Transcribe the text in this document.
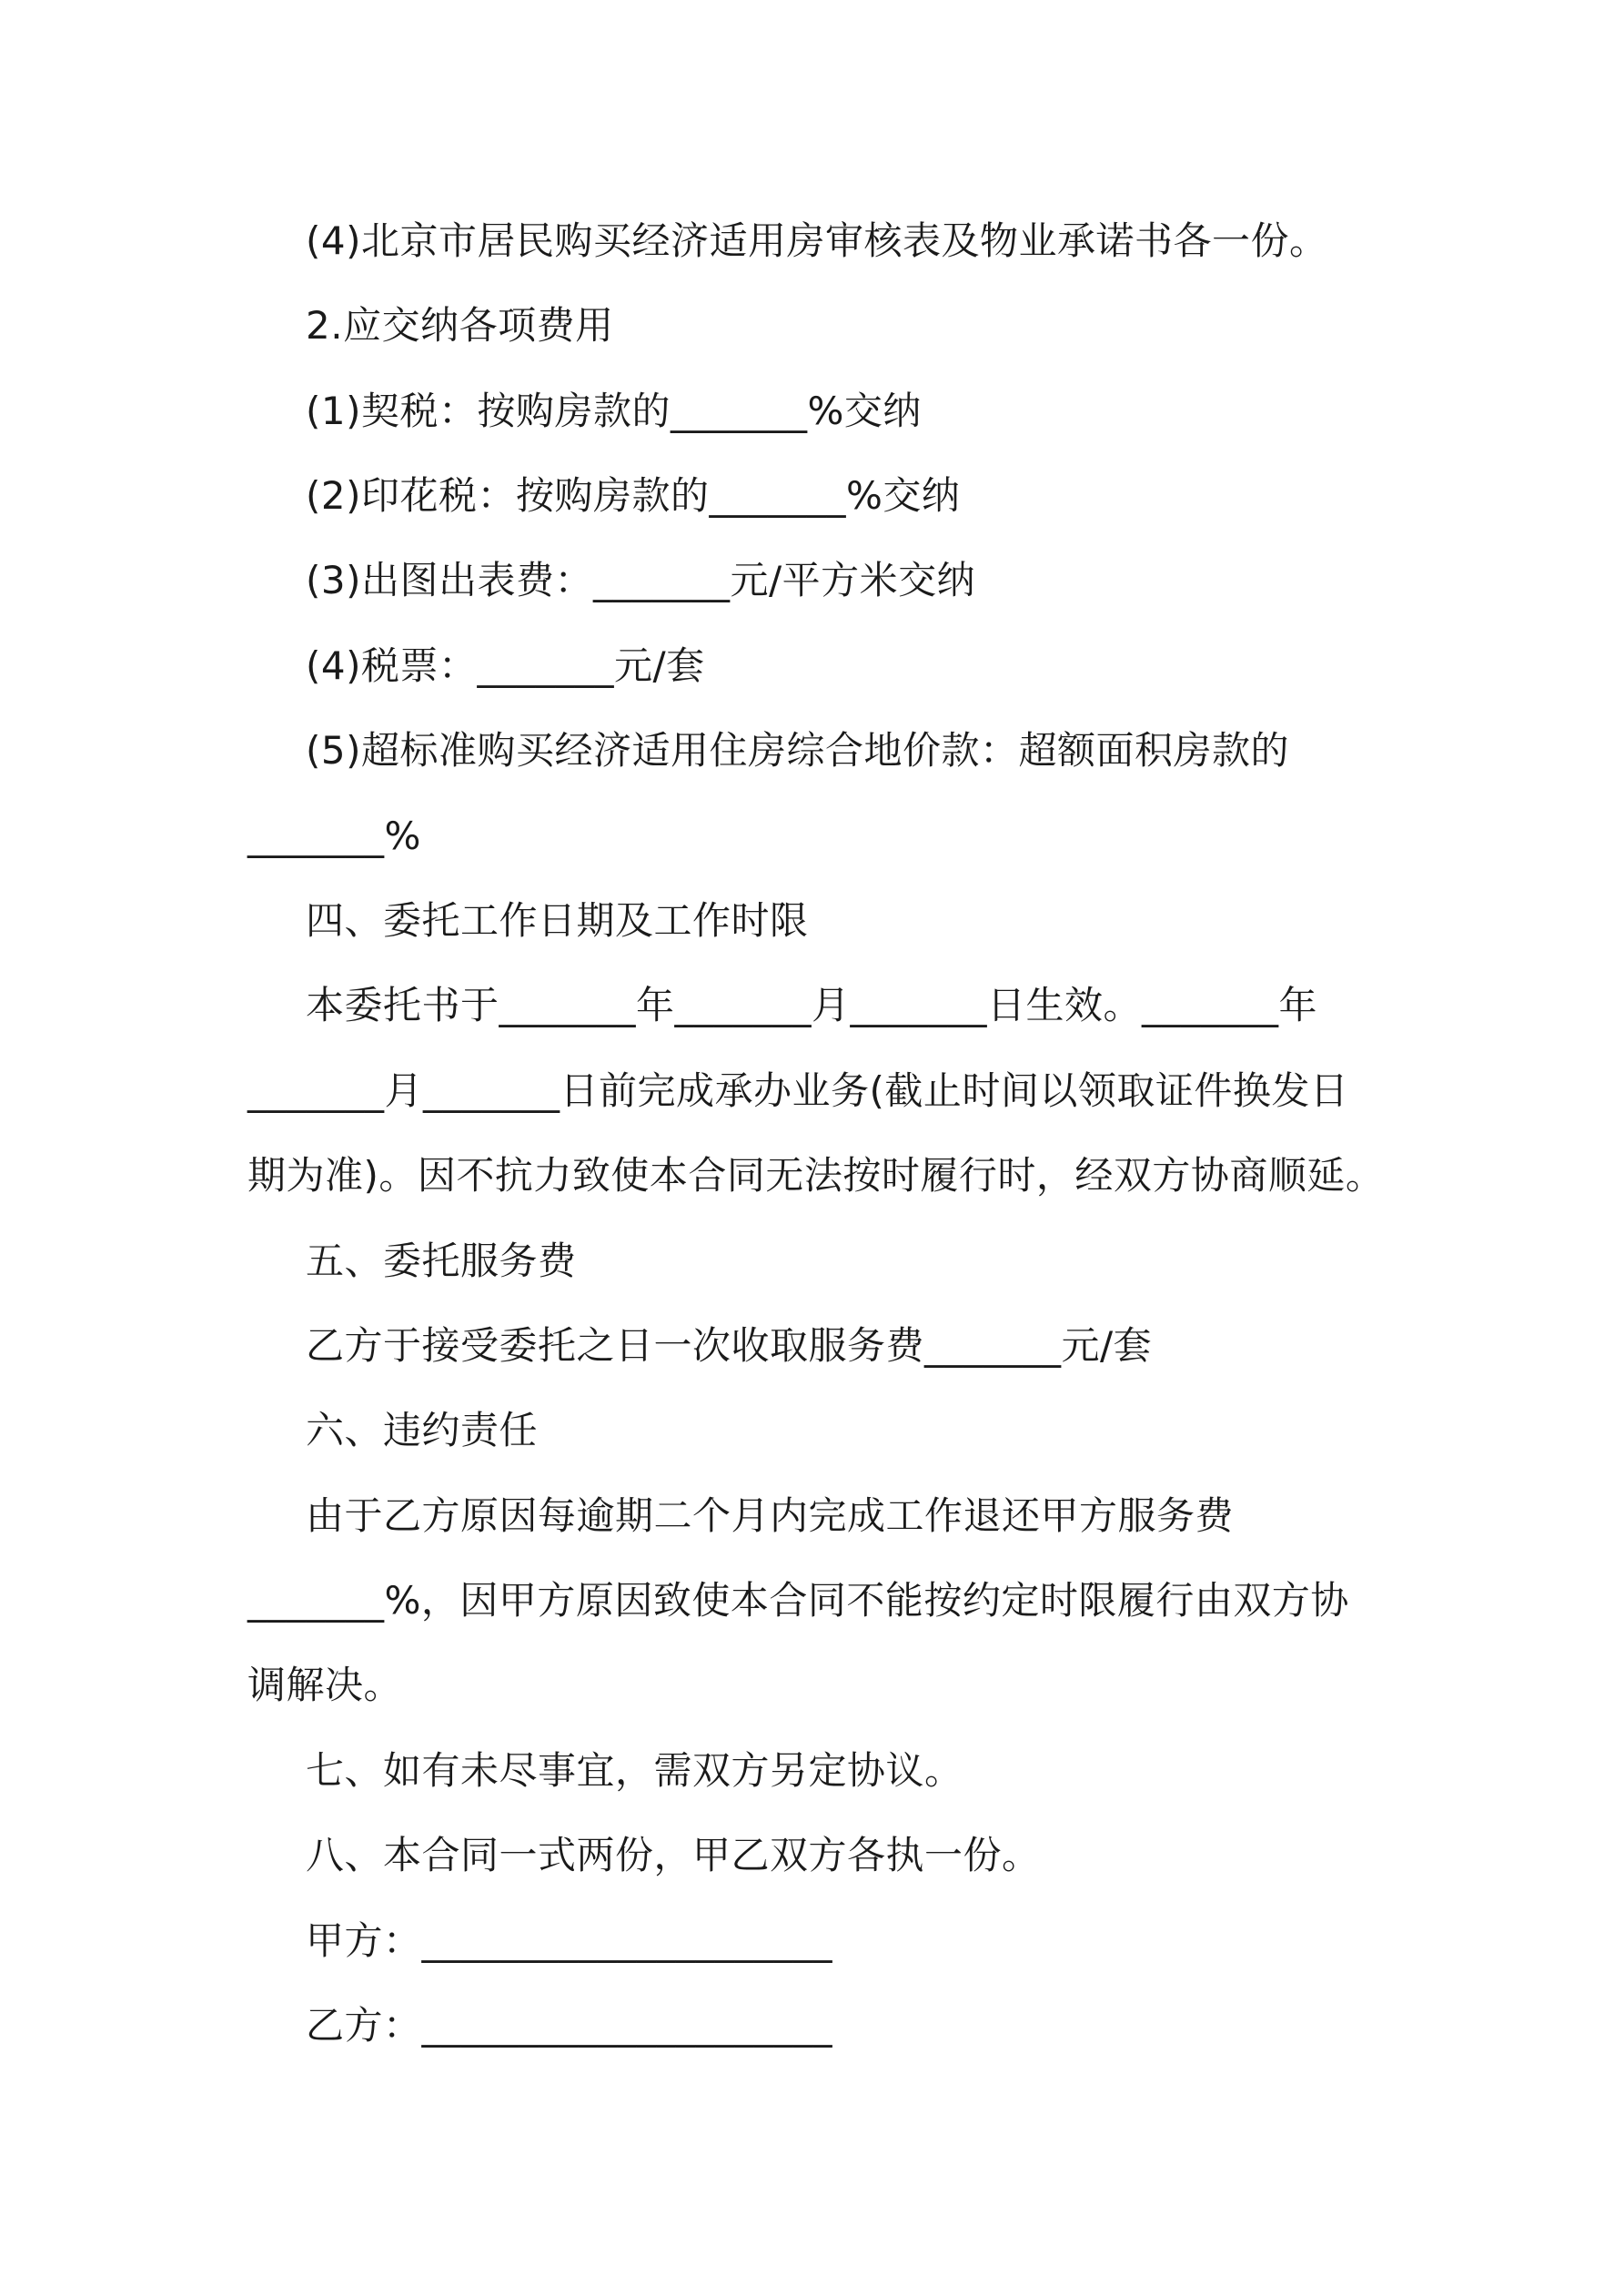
(4)北京市居民购买经济适用房审核表及物业承诺书各一份。
2.应交纳各项费用
(1)契税：按购房款的_______%交纳
(2)印花税：按购房款的_______%交纳
(3)出图出表费：_______元/平方米交纳
(4)税票：_______元/套
(5)超标准购买经济适用住房综合地价款：超额面积房款的
_______%
四、委托工作日期及工作时限
本委托书于_______年_______月_______日生效。_______年
_______月_______日前完成承办业务(截止时间以领取证件换发日
期为准)。因不抗力致使本合同无法按时履行时，经双方协商顺延。
五、委托服务费
乙方于接受委托之日一次收取服务费_______元/套
六、违约责任
由于乙方原因每逾期二个月内完成工作退还甲方服务费
_______%，因甲方原因致使本合同不能按约定时限履行由双方协
调解决。
七、如有未尽事宜，需双方另定协议。
八、本合同一式两份，甲乙双方各执一份。
甲方：_____________________
乙方：_____________________
